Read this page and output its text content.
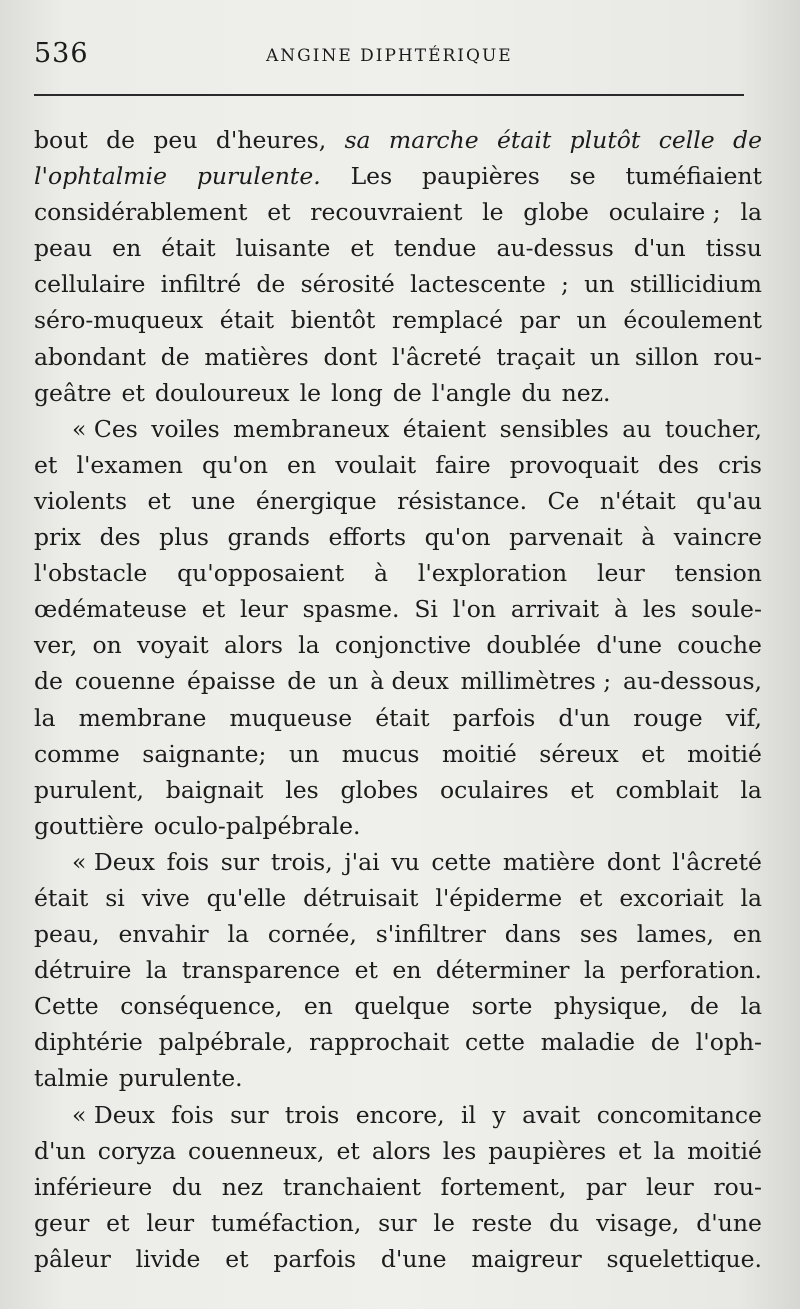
536	ANGINE DIPHTÉRIQUE
bout de peu d'heures, sa marche était plutôt celle de
l'ophtalmie purulente. Les paupières se tuméfiaient
considérablement et recouvraient le globe oculaire ; la
peau en était luisante et tendue au-dessus d'un tissu
cellulaire infiltré de sérosité lactescente ; un stillicidium
séro-muqueux était bientôt remplacé par un écoulement
abondant de matières dont l'âcreté traçait un sillon rou-
geâtre et douloureux le long de l'angle du nez.
« Ces voiles membraneux étaient sensibles au toucher,
et l'examen qu'on en voulait faire provoquait des cris
violents et une énergique résistance. Ce n'était qu'au
prix des plus grands efforts qu'on parvenait à vaincre
l'obstacle qu'opposaient à l'exploration leur tension
œdémateuse et leur spasme. Si l'on arrivait à les soule-
ver, on voyait alors la conjonctive doublée d'une couche
de couenne épaisse de un à deux millimètres ; au-dessous,
la membrane muqueuse était parfois d'un rouge vif,
comme saignante; un mucus moitié séreux et moitié
purulent, baignait les globes oculaires et comblait la
gouttière oculo-palpébrale.
« Deux fois sur trois, j'ai vu cette matière dont l'âcreté
était si vive qu'elle détruisait l'épiderme et excoriait la
peau, envahir la cornée, s'infiltrer dans ses lames, en
détruire la transparence et en déterminer la perforation.
Cette conséquence, en quelque sorte physique, de la
diphtérie palpébrale, rapprochait cette maladie de l'oph-
talmie purulente.
« Deux fois sur trois encore, il y avait concomitance
d'un coryza couenneux, et alors les paupières et la moitié
inférieure du nez tranchaient fortement, par leur rou-
geur et leur tuméfaction, sur le reste du visage, d'une
pâleur livide et parfois d'une maigreur squelettique.
